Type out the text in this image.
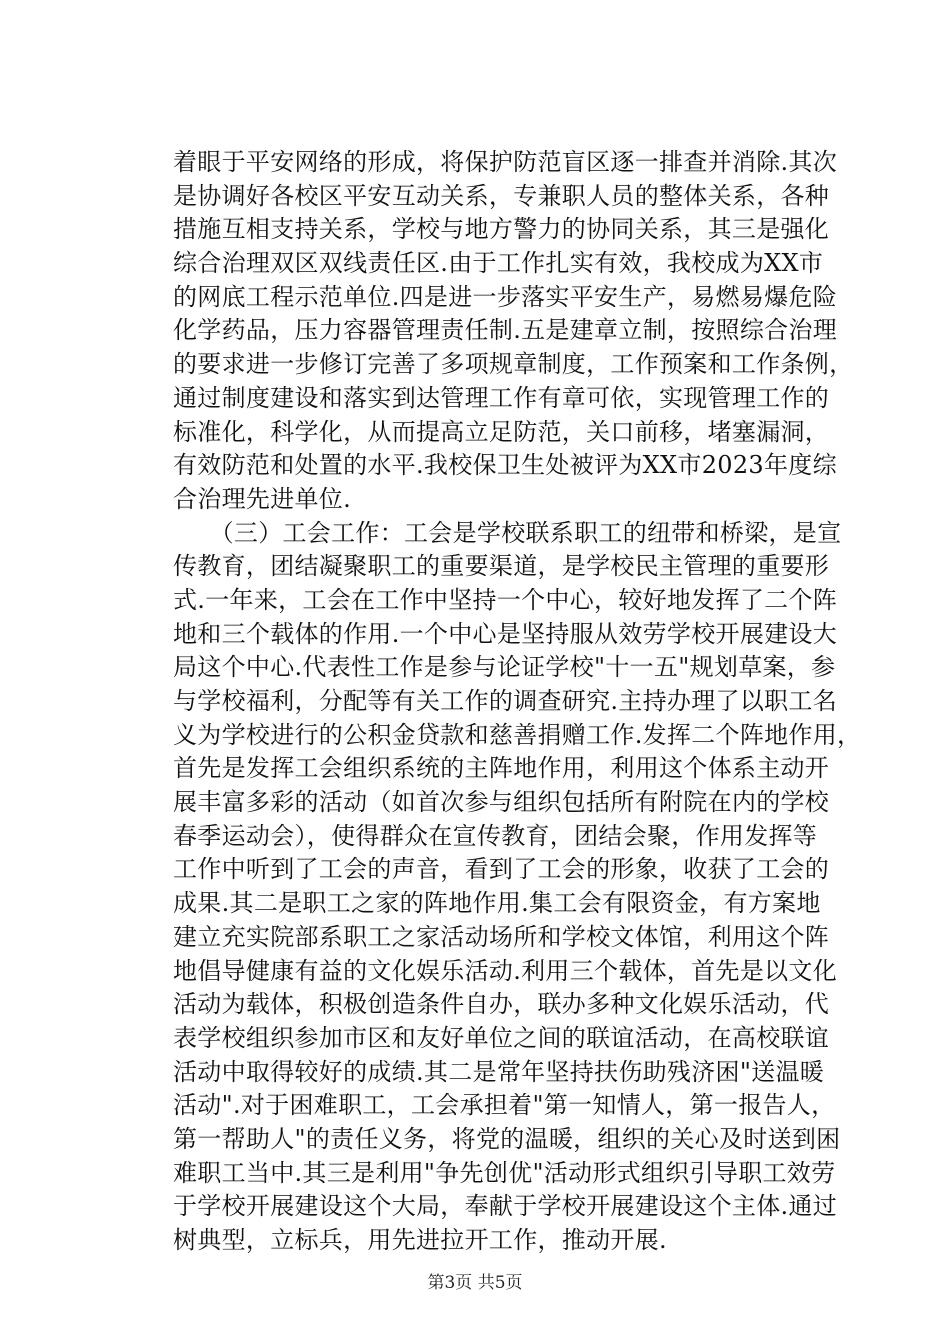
着眼于平安网络的形成，将保护防范盲区逐一排查并消除.其次
是协调好各校区平安互动关系，专兼职人员的整体关系，各种
措施互相支持关系，学校与地方警力的协同关系，其三是强化
综合治理双区双线责任区.由于工作扎实有效，我校成为XX市
的网底工程示范单位.四是进一步落实平安生产，易燃易爆危险
化学药品，压力容器管理责任制.五是建章立制，按照综合治理
的要求进一步修订完善了多项规章制度，工作预案和工作条例，
通过制度建设和落实到达管理工作有章可依，实现管理工作的
标准化，科学化，从而提高立足防范，关口前移，堵塞漏洞，
有效防范和处置的水平.我校保卫生处被评为XX市2023年度综
合治理先进单位.
　　（三）工会工作：工会是学校联系职工的纽带和桥梁，是宣
传教育，团结凝聚职工的重要渠道，是学校民主管理的重要形
式.一年来，工会在工作中坚持一个中心，较好地发挥了二个阵
地和三个载体的作用.一个中心是坚持服从效劳学校开展建设大
局这个中心.代表性工作是参与论证学校"十一五"规划草案，参
与学校福利，分配等有关工作的调查研究.主持办理了以职工名
义为学校进行的公积金贷款和慈善捐赠工作.发挥二个阵地作用，
首先是发挥工会组织系统的主阵地作用，利用这个体系主动开
展丰富多彩的活动（如首次参与组织包括所有附院在内的学校
春季运动会），使得群众在宣传教育，团结会聚，作用发挥等
工作中听到了工会的声音，看到了工会的形象，收获了工会的
成果.其二是职工之家的阵地作用.集工会有限资金，有方案地
建立充实院部系职工之家活动场所和学校文体馆，利用这个阵
地倡导健康有益的文化娱乐活动.利用三个载体，首先是以文化
活动为载体，积极创造条件自办，联办多种文化娱乐活动，代
表学校组织参加市区和友好单位之间的联谊活动，在高校联谊
活动中取得较好的成绩.其二是常年坚持扶伤助残济困"送温暖
活动".对于困难职工，工会承担着"第一知情人，第一报告人，
第一帮助人"的责任义务，将党的温暖，组织的关心及时送到困
难职工当中.其三是利用"争先创优"活动形式组织引导职工效劳
于学校开展建设这个大局，奉献于学校开展建设这个主体.通过
树典型，立标兵，用先进拉开工作，推动开展.
第3页 共5页
